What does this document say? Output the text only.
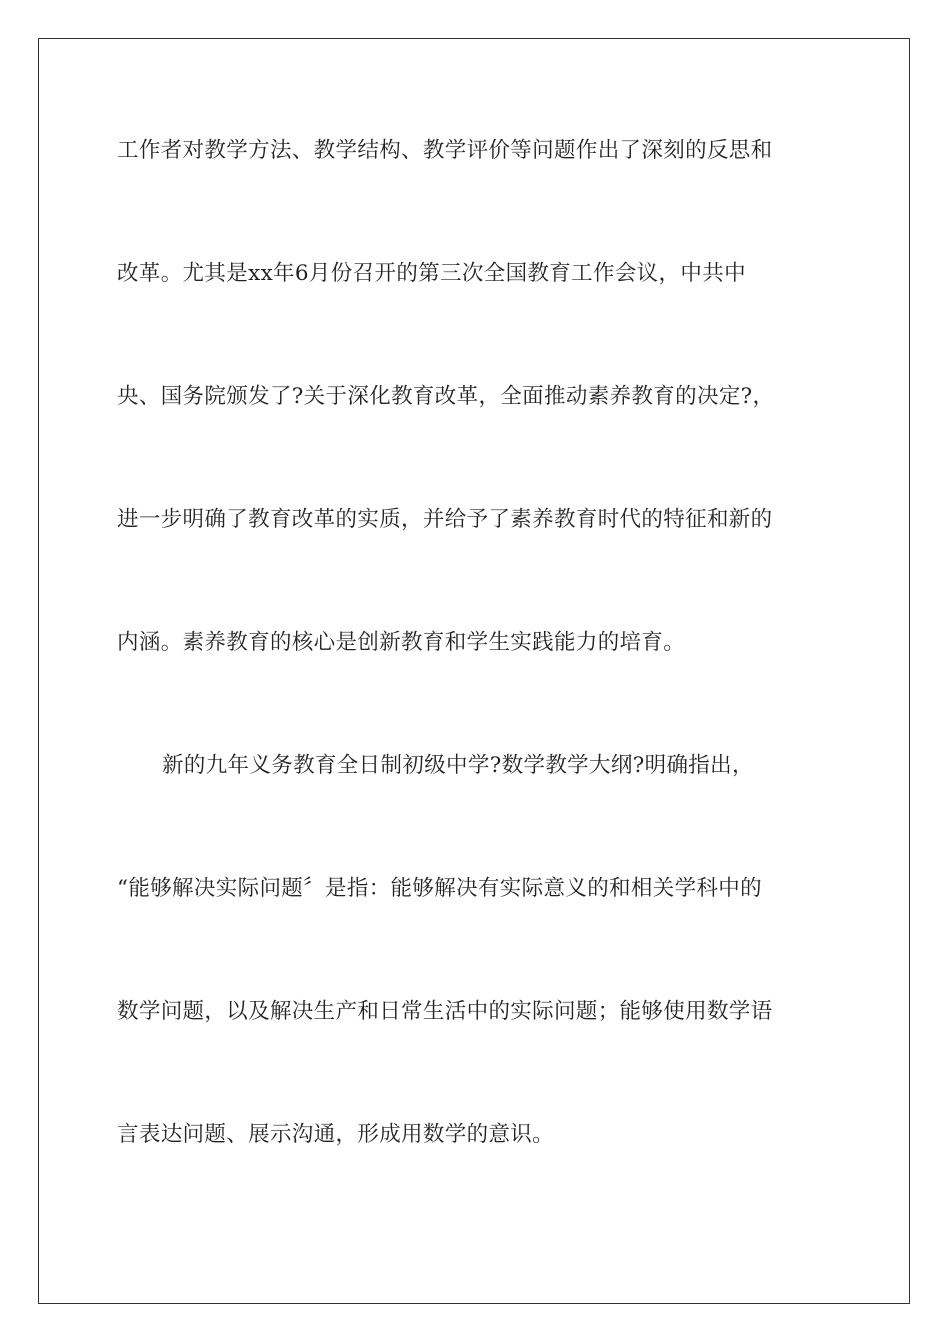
工作者对教学方法、教学结构、教学评价等问题作出了深刻的反思和
改革。尤其是xx年6月份召开的第三次全国教育工作会议，中共中
央、国务院颁发了?关于深化教育改革，全面推动素养教育的决定?，
进一步明确了教育改革的实质，并给予了素养教育时代的特征和新的
内涵。素养教育的核心是创新教育和学生实践能力的培育。
新的九年义务教育全日制初级中学?数学教学大纲?明确指出，
“能够解决实际问题〞是指：能够解决有实际意义的和相关学科中的
数学问题，以及解决生产和日常生活中的实际问题；能够使用数学语
言表达问题、展示沟通，形成用数学的意识。
